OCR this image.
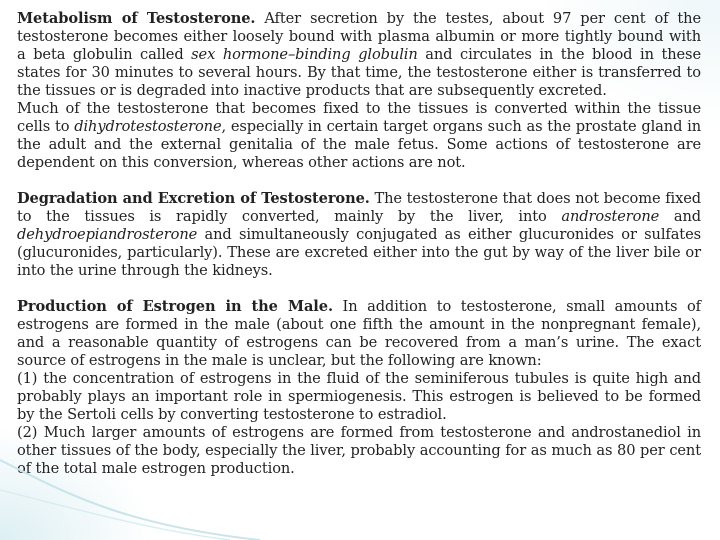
Metabolism of Testosterone. After secretion by the testes, about 97 per cent of the testosterone becomes either loosely bound with plasma albumin or more tightly bound with a beta globulin called sex hormone–binding globulin and circulates in the blood in these states for 30 minutes to several hours. By that time, the testosterone either is transferred to the tissues or is degraded into inactive products that are subsequently excreted.

Much of the testosterone that becomes fixed to the tissues is converted within the tissue cells to dihydrotestosterone, especially in certain target organs such as the prostate gland in the adult and the external genitalia of the male fetus. Some actions of testosterone are dependent on this conversion, whereas other actions are not.

Degradation and Excretion of Testosterone. The testosterone that does not become fixed to the tissues is rapidly converted, mainly by the liver, into androsterone and dehydroepiandrosterone and simultaneously conjugated as either glucuronides or sulfates (glucuronides, particularly). These are excreted either into the gut by way of the liver bile or into the urine through the kidneys.

Production of Estrogen in the Male. In addition to testosterone, small amounts of estrogens are formed in the male (about one fifth the amount in the nonpregnant female), and a reasonable quantity of estrogens can be recovered from a man’s urine. The exact source of estrogens in the male is unclear, but the following are known:

(1) the concentration of estrogens in the fluid of the seminiferous tubules is quite high and probably plays an important role in spermiogenesis. This estrogen is believed to be formed by the Sertoli cells by converting testosterone to estradiol.

(2) Much larger amounts of estrogens are formed from testosterone and androstanediol in other tissues of the body, especially the liver, probably accounting for as much as 80 per cent of the total male estrogen production.
